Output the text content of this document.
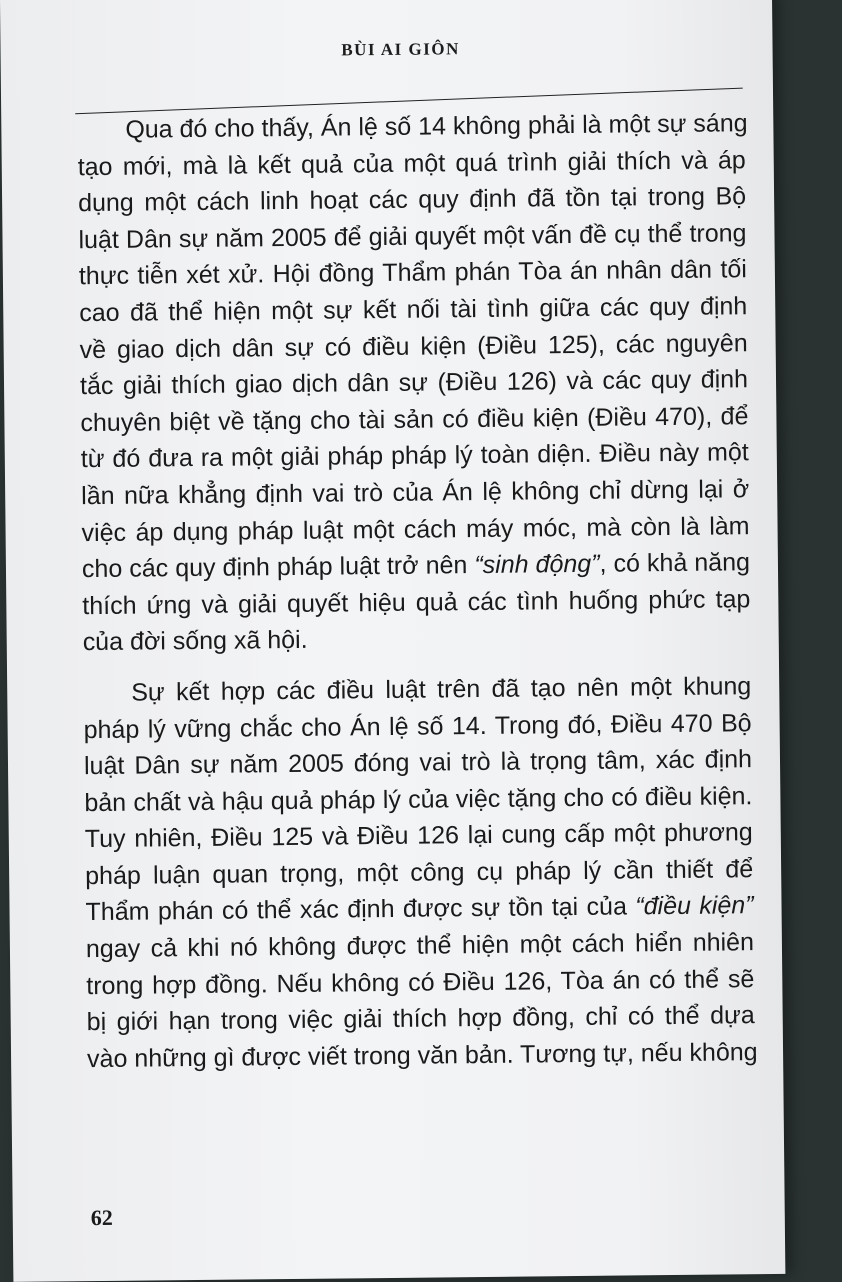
BÙI AI GIÔN
Qua đó cho thấy, Án lệ số 14 không phải là một sự sáng
tạo mới, mà là kết quả của một quá trình giải thích và áp
dụng một cách linh hoạt các quy định đã tồn tại trong Bộ
luật Dân sự năm 2005 để giải quyết một vấn đề cụ thể trong
thực tiễn xét xử. Hội đồng Thẩm phán Tòa án nhân dân tối
cao đã thể hiện một sự kết nối tài tình giữa các quy định
về giao dịch dân sự có điều kiện (Điều 125), các nguyên
tắc giải thích giao dịch dân sự (Điều 126) và các quy định
chuyên biệt về tặng cho tài sản có điều kiện (Điều 470), để
từ đó đưa ra một giải pháp pháp lý toàn diện. Điều này một
lần nữa khẳng định vai trò của Án lệ không chỉ dừng lại ở
việc áp dụng pháp luật một cách máy móc, mà còn là làm
cho các quy định pháp luật trở nên “sinh động”, có khả năng
thích ứng và giải quyết hiệu quả các tình huống phức tạp
của đời sống xã hội.
Sự kết hợp các điều luật trên đã tạo nên một khung
pháp lý vững chắc cho Án lệ số 14. Trong đó, Điều 470 Bộ
luật Dân sự năm 2005 đóng vai trò là trọng tâm, xác định
bản chất và hậu quả pháp lý của việc tặng cho có điều kiện.
Tuy nhiên, Điều 125 và Điều 126 lại cung cấp một phương
pháp luận quan trọng, một công cụ pháp lý cần thiết để
Thẩm phán có thể xác định được sự tồn tại của “điều kiện”
ngay cả khi nó không được thể hiện một cách hiển nhiên
trong hợp đồng. Nếu không có Điều 126, Tòa án có thể sẽ
bị giới hạn trong việc giải thích hợp đồng, chỉ có thể dựa
vào những gì được viết trong văn bản. Tương tự, nếu không
62
